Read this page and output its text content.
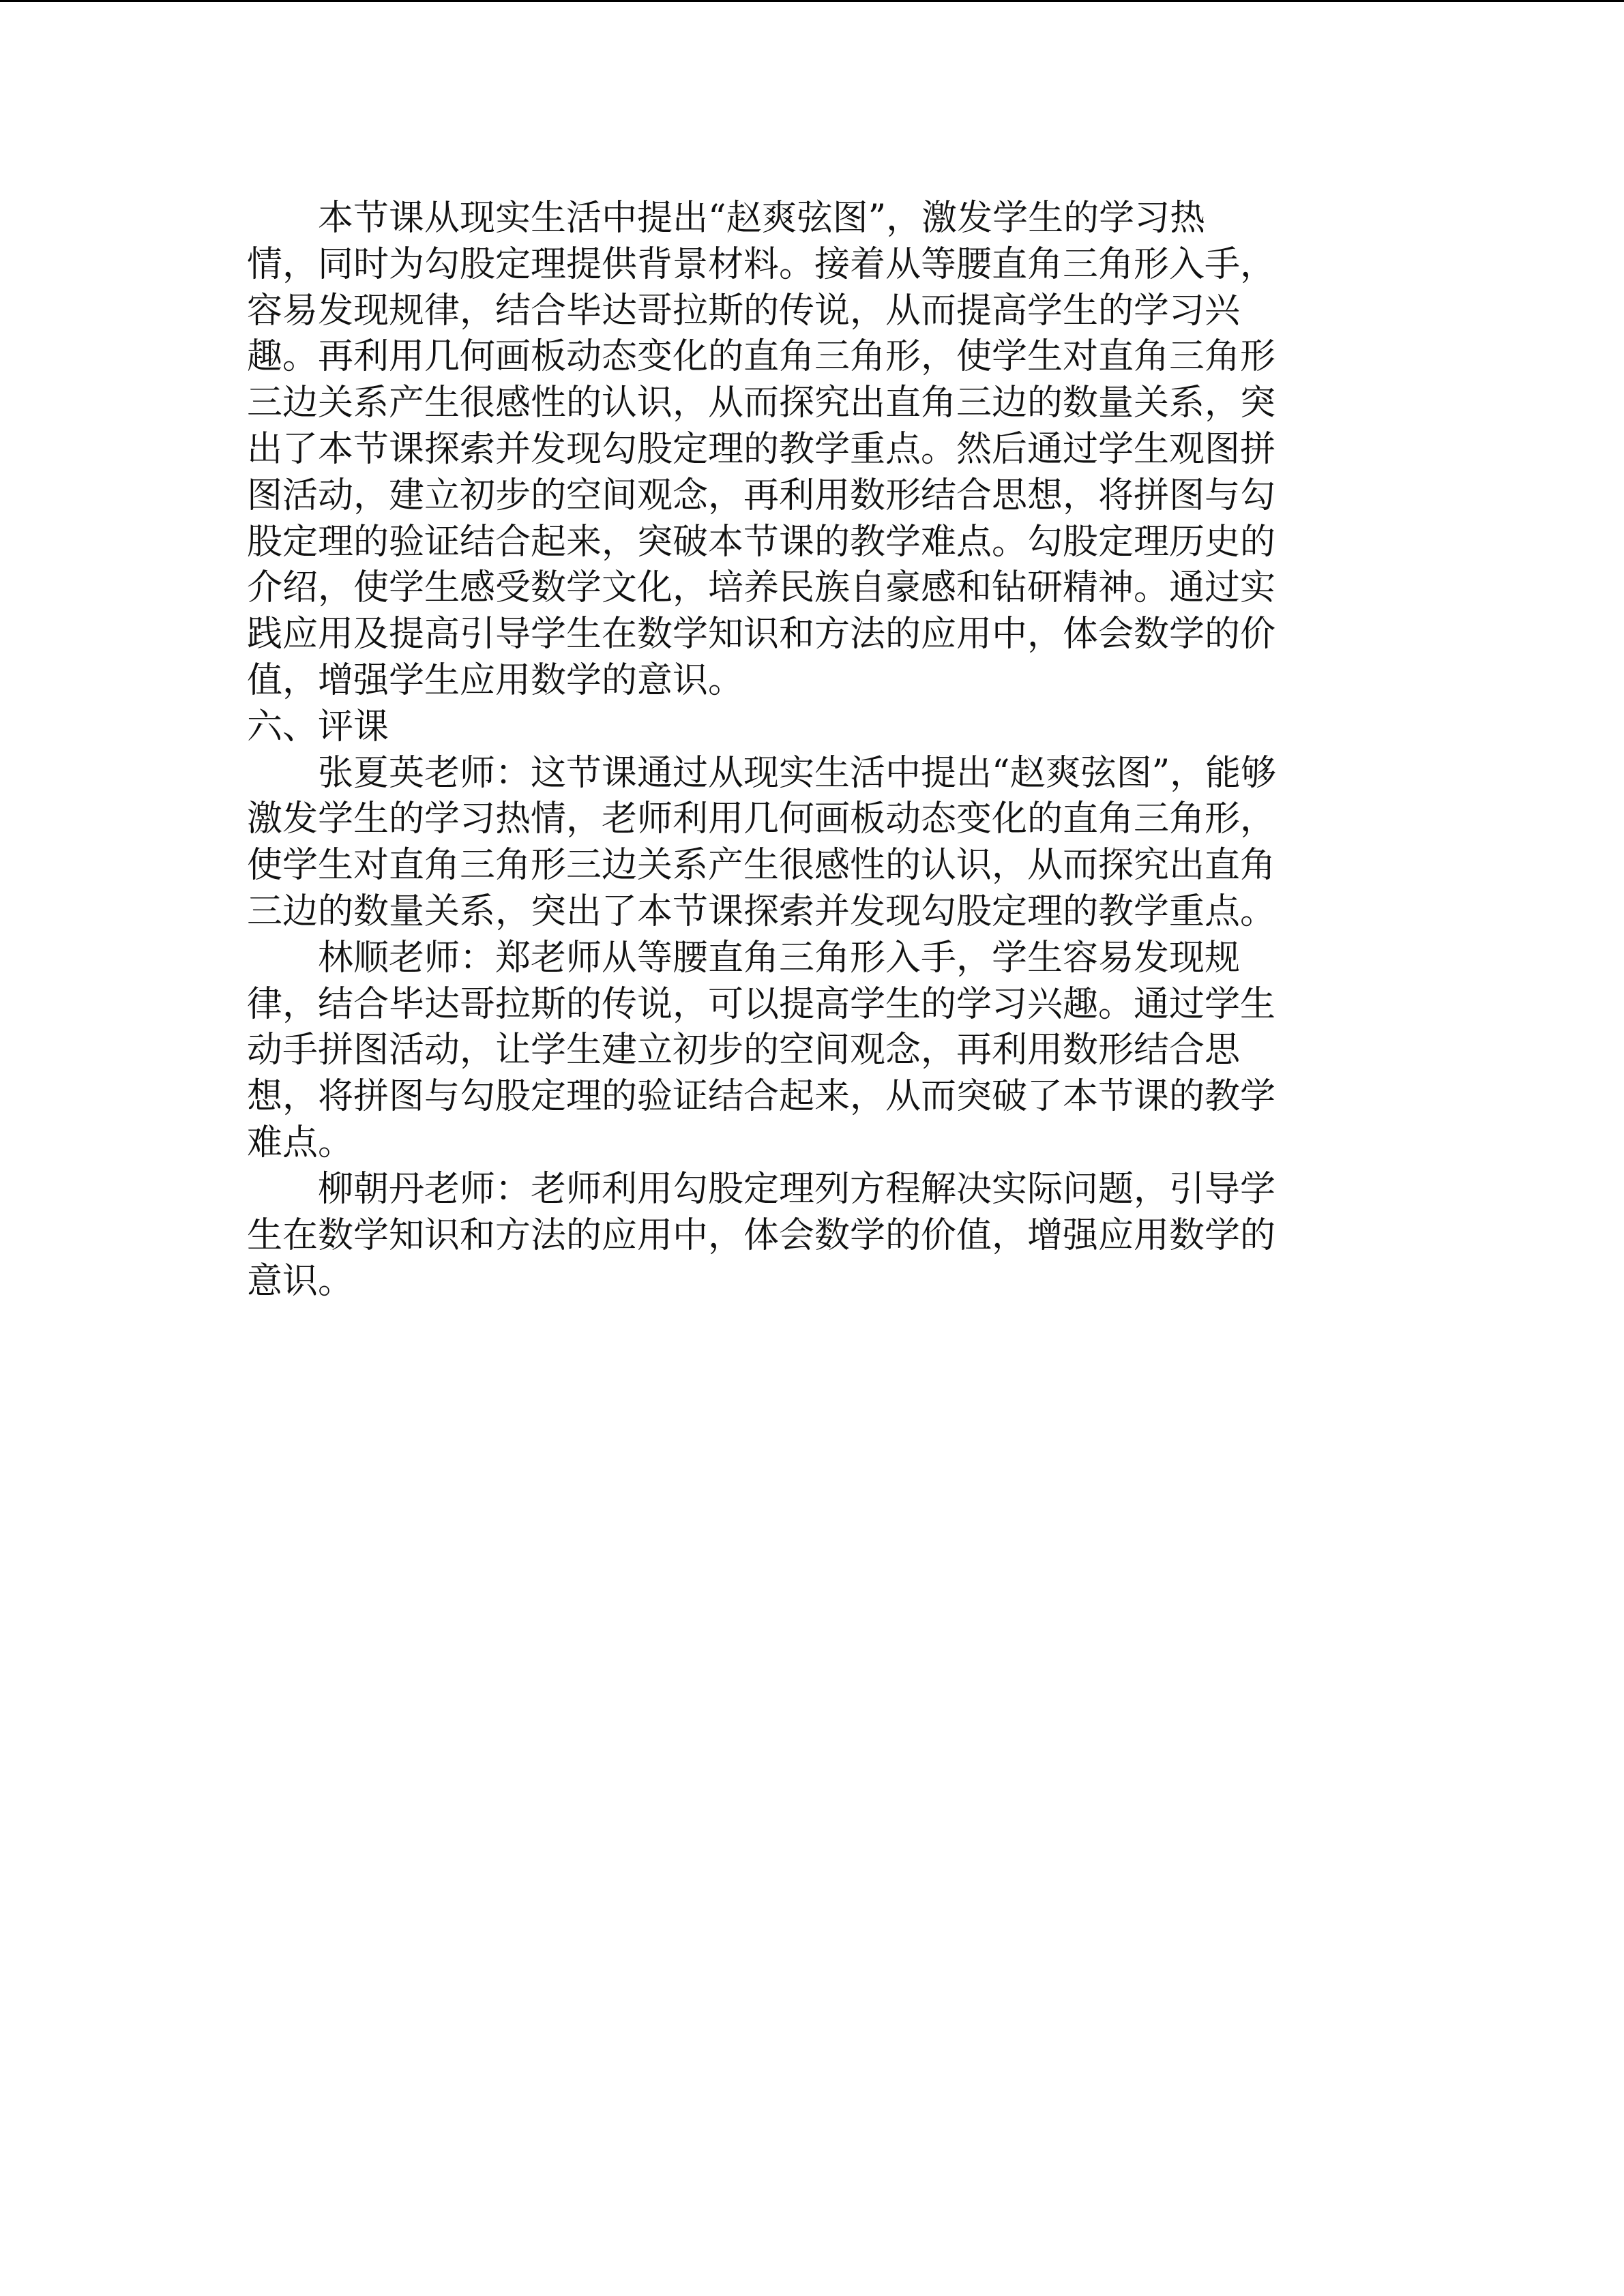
　　本节课从现实生活中提出“赵爽弦图”，激发学生的学习热
情，同时为勾股定理提供背景材料。接着从等腰直角三角形入手，
容易发现规律，结合毕达哥拉斯的传说，从而提高学生的学习兴
趣。再利用几何画板动态变化的直角三角形，使学生对直角三角形
三边关系产生很感性的认识，从而探究出直角三边的数量关系，突
出了本节课探索并发现勾股定理的教学重点。然后通过学生观图拼
图活动，建立初步的空间观念，再利用数形结合思想，将拼图与勾
股定理的验证结合起来，突破本节课的教学难点。勾股定理历史的
介绍，使学生感受数学文化，培养民族自豪感和钻研精神。通过实
践应用及提高引导学生在数学知识和方法的应用中，体会数学的价
值，增强学生应用数学的意识。
六、评课
　　张夏英老师：这节课通过从现实生活中提出“赵爽弦图”，能够
激发学生的学习热情，老师利用几何画板动态变化的直角三角形，
使学生对直角三角形三边关系产生很感性的认识，从而探究出直角
三边的数量关系，突出了本节课探索并发现勾股定理的教学重点。
　　林顺老师：郑老师从等腰直角三角形入手，学生容易发现规
律，结合毕达哥拉斯的传说，可以提高学生的学习兴趣。通过学生
动手拼图活动，让学生建立初步的空间观念，再利用数形结合思
想，将拼图与勾股定理的验证结合起来，从而突破了本节课的教学
难点。
　　柳朝丹老师：老师利用勾股定理列方程解决实际问题，引导学
生在数学知识和方法的应用中，体会数学的价值，增强应用数学的
意识。
